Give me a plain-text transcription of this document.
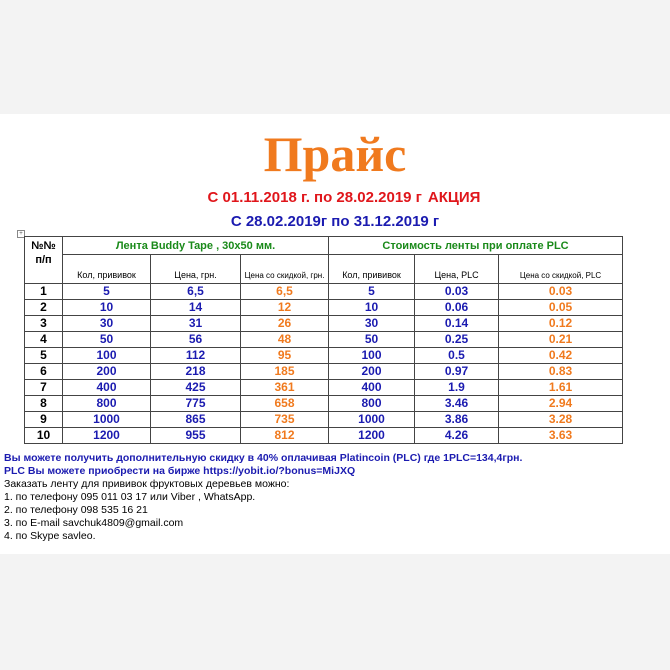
Прайс
С 01.11.2018 г. по 28.02.2019 г АКЦИЯ
С 28.02.2019г по 31.12.2019 г
+
№№
п/п	Лента Buddy Tape , 30х50 мм.			Стоимость ленты при оплате PLC		
	Кол, прививок	Цена, грн.	Цена со скидкой, грн.	Кол, прививок	Цена, PLC	Цена со скидкой, PLC
1	5	6,5	6,5	5	0.03	0.03
2	10	14	12	10	0.06	0.05
3	30	31	26	30	0.14	0.12
4	50	56	48	50	0.25	0.21
5	100	112	95	100	0.5	0.42
6	200	218	185	200	0.97	0.83
7	400	425	361	400	1.9	1.61
8	800	775	658	800	3.46	2.94
9	1000	865	735	1000	3.86	3.28
10	1200	955	812	1200	4.26	3.63
Вы можете получить дополнительную скидку в 40% оплачивая Platincoin (PLC) где 1PLC=134,4грн.
PLC Вы можете приобрести на бирже https://yobit.io/?bonus=MiJXQ
Заказать ленту для прививок фруктовых деревьев можно:
1. по телефону 095 011 03 17 или Viber , WhatsApp.
2. по телефону 098 535 16 21
3. по E-mail savchuk4809@gmail.com
4. по Skype savleo.
